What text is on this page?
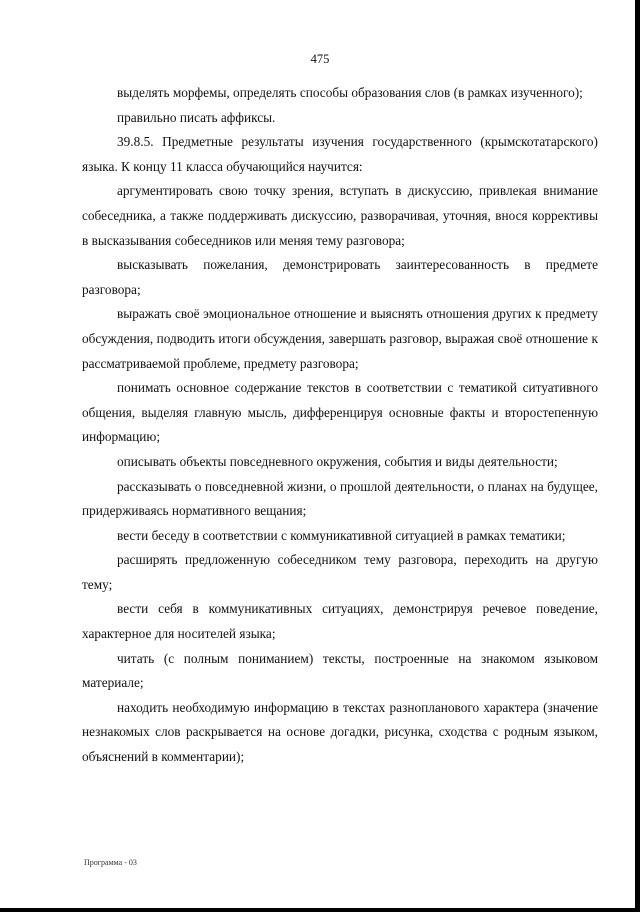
475

выделять морфемы, определять способы образования слов (в рамках изученного);

правильно писать аффиксы.

39.8.5. Предметные результаты изучения государственного (крымскотатарского) языка. К концу 11 класса обучающийся научится:

аргументировать свою точку зрения, вступать в дискуссию, привлекая внимание собеседника, а также поддерживать дискуссию, разворачивая, уточняя, внося коррективы в высказывания собеседников или меняя тему разговора;

высказывать пожелания, демонстрировать заинтересованность в предмете разговора;

выражать своё эмоциональное отношение и выяснять отношения других к предмету обсуждения, подводить итоги обсуждения, завершать разговор, выражая своё отношение к рассматриваемой проблеме, предмету разговора;

понимать основное содержание текстов в соответствии с тематикой ситуативного общения, выделяя главную мысль, дифференцируя основные факты и второстепенную информацию;

описывать объекты повседневного окружения, события и виды деятельности;

рассказывать о повседневной жизни, о прошлой деятельности, о планах на будущее, придерживаясь нормативного вещания;

вести беседу в соответствии с коммуникативной ситуацией в рамках тематики;

расширять предложенную собеседником тему разговора, переходить на другую тему;

вести себя в коммуникативных ситуациях, демонстрируя речевое поведение, характерное для носителей языка;

читать (с полным пониманием) тексты, построенные на знакомом языковом материале;

находить необходимую информацию в текстах разнопланового характера (значение незнакомых слов раскрывается на основе догадки, рисунка, сходства с родным языком, объяснений в комментарии);

Программа - 03
